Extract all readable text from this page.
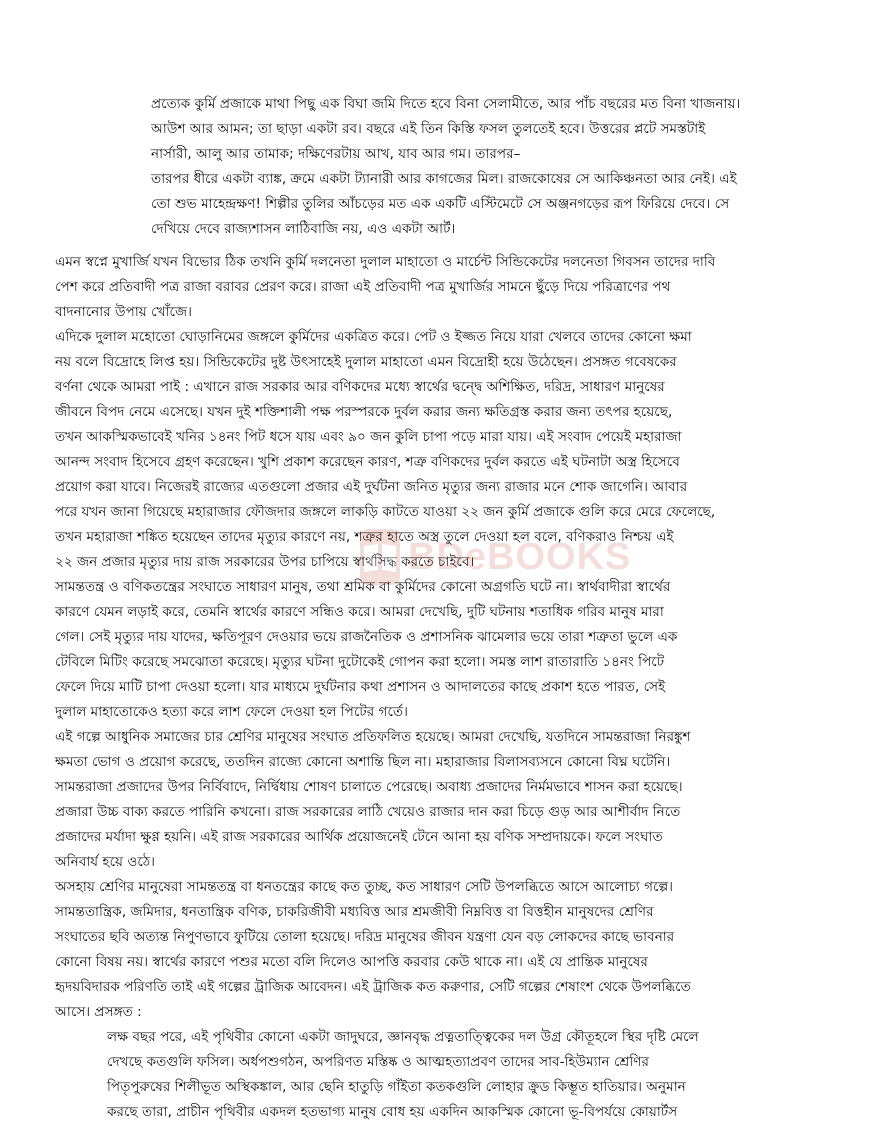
প্রত্যেক কুর্মি প্রজাকে মাথা পিছু এক বিঘা জমি দিতে হবে বিনা সেলামীতে, আর পাঁচ বছরের মত বিনা খাজনায়।
আউশ আর আমন; তা ছাড়া একটা রব। বছরে এই তিন কিস্তি ফসল তুলতেই হবে। উত্তরের প্লটে সমস্তটাই
নার্সারী, আলু আর তামাক; দক্ষিণেরটায় আখ, যাব আর গম। তারপর–
তারপর ধীরে একটা ব্যাঙ্ক, ক্রমে একটা ট্যানারী আর কাগজের মিল। রাজকোষের সে আকিঞ্চনতা আর নেই। এই
তো শুভ মাহেন্দ্রক্ষণ! শিল্পীর তুলির আঁচড়ের মত এক একটি এস্টিমেটে সে অঞ্জনগড়ের রূপ ফিরিয়ে দেবে। সে
দেখিয়ে দেবে রাজ্যশাসন লাঠিবাজি নয়, এও একটা আর্ট।
এমন স্বপ্নে মুখার্জি যখন বিভোর ঠিক তখনি কুর্মি দলনেতা দুলাল মাহাতো ও মার্চেন্ট সিন্ডিকেটের দলনেতা গিবসন তাদের দাবি
পেশ করে প্রতিবাদী পত্র রাজা বরাবর প্রেরণ করে। রাজা এই প্রতিবাদী পত্র মুখার্জির সামনে ছুঁড়ে দিয়ে পরিত্রাণের পথ
বাদনানোর উপায় খোঁজে।
এদিকে দুলাল মহোতো ঘোড়ানিমের জঙ্গলে কুর্মিদের একত্রিত করে। পেট ও ইজ্জত নিয়ে যারা খেলবে তাদের কোনো ক্ষমা
নয় বলে বিদ্রোহে লিপ্ত হয়। সিন্ডিকেটের দুষ্ট উৎসাহেই দুলাল মাহাতো এমন বিদ্রোহী হয়ে উঠেছেন। প্রসঙ্গত গবেষকের
বর্ণনা থেকে আমরা পাই : এখানে রাজ সরকার আর বণিকদের মধ্যে স্বার্থের দ্বন্দ্বে অশিক্ষিত, দরিদ্র, সাধারণ মানুষের
জীবনে বিপদ নেমে এসেছে। যখন দুই শক্তিশালী পক্ষ পরস্পরকে দুর্বল করার জন্য ক্ষতিগ্রস্ত করার জন্য তৎপর হয়েছে,
তখন আকস্মিকভাবেই খনির ১৪নং পিট ধসে যায় এবং ৯০ জন কুলি চাপা পড়ে মারা যায়। এই সংবাদ পেয়েই মহারাজা
আনন্দ সংবাদ হিসেবে গ্রহণ করেছেন। খুশি প্রকাশ করেছেন কারণ, শত্রু বণিকদের দুর্বল করতে এই ঘটনাটা অস্ত্র হিসেবে
প্রয়োগ করা যাবে। নিজেরই রাজ্যের এতগুলো প্রজার এই দুর্ঘটনা জনিত মৃত্যুর জন্য রাজার মনে শোক জাগেনি। আবার
পরে যখন জানা গিয়েছে মহারাজার ফৌজদার জঙ্গলে লাকড়ি কাটতে যাওয়া ২২ জন কুর্মি প্রজাকে গুলি করে মেরে ফেলেছে,
তখন মহারাজা শঙ্কিত হয়েছেন তাদের মৃত্যুর কারণে নয়, শত্রুর হাতে অস্ত্র তুলে দেওয়া হল বলে, বণিকরাও নিশ্চয় এই
২২ জন প্রজার মৃত্যুর দায় রাজ সরকারের উপর চাপিয়ে স্বার্থসিদ্ধ করতে চাইবে।
সামন্ততন্ত্র ও বণিকতন্ত্রের সংঘাতে সাধারণ মানুষ, তথা শ্রমিক বা কুর্মিদের কোনো অগ্রগতি ঘটে না। স্বার্থবাদীরা স্বার্থের
কারণে যেমন লড়াই করে, তেমনি স্বার্থের কারণে সন্ধিও করে। আমরা দেখেছি, দুটি ঘটনায় শতাধিক গরিব মানুষ মারা
গেল। সেই মৃত্যুর দায় যাদের, ক্ষতিপূরণ দেওয়ার ভয়ে রাজনৈতিক ও প্রশাসনিক ঝামেলার ভয়ে তারা শত্রুতা ভুলে এক
টেবিলে মিটিং করেছে সমঝোতা করেছে। মৃত্যুর ঘটনা দুটোকেই গোপন করা হলো। সমস্ত লাশ রাতারাতি ১৪নং পিটে
ফেলে দিয়ে মাটি চাপা দেওয়া হলো। যার মাধ্যমে দুর্ঘটনার কথা প্রশাসন ও আদালতের কাছে প্রকাশ হতে পারত, সেই
দুলাল মাহাতোকেও হত্যা করে লাশ ফেলে দেওয়া হল পিটের গর্তে।
এই গল্পে আধুনিক সমাজের চার শ্রেণির মানুষের সংঘাত প্রতিফলিত হয়েছে। আমরা দেখেছি, যতদিনে সামন্তরাজা নিরঙ্কুশ
ক্ষমতা ভোগ ও প্রয়োগ করেছে, ততদিন রাজ্যে কোনো অশান্তি ছিল না। মহারাজার বিলাসব্যসনে কোনো বিঘ্ন ঘটেনি।
সামন্তরাজা প্রজাদের উপর নির্বিবাদে, নির্দ্বিধায় শোষণ চালাতে পেরেছে। অবাধ্য প্রজাদের নির্মমভাবে শাসন করা হয়েছে।
প্রজারা উচ্চ বাক্য করতে পারিনি কখনো। রাজ সরকারের লাঠি খেয়েও রাজার দান করা চিড়ে গুড় আর আশীর্বাদ নিতে
প্রজাদের মর্যাদা ক্ষুণ্ণ হয়নি। এই রাজ সরকারের আর্থিক প্রয়োজনেই টেনে আনা হয় বণিক সম্প্রদায়কে। ফলে সংঘাত
অনিবার্য হয়ে ওঠে।
অসহায় শ্রেণির মানুষেরা সামন্ততন্ত্র বা ধনতন্ত্রের কাছে কত তুচ্ছ, কত সাধারণ সেটি উপলব্ধিতে আসে আলোচ্য গল্পে।
সামন্ততান্ত্রিক, জমিদার, ধনতান্ত্রিক বণিক, চাকরিজীবী মধ্যবিত্ত আর শ্রমজীবী নিম্নবিত্ত বা বিত্তহীন মানুষদের শ্রেণির
সংঘাতের ছবি অত্যন্ত নিপুণভাবে ফুটিয়ে তোলা হয়েছে। দরিদ্র মানুষের জীবন যন্ত্রণা যেন বড় লোকদের কাছে ভাবনার
কোনো বিষয় নয়। স্বার্থের কারণে পশুর মতো বলি দিলেও আপত্তি করবার কেউ থাকে না। এই যে প্রান্তিক মানুষের
হৃদয়বিদারক পরিণতি তাই এই গল্পের ট্রাজিক আবেদন। এই ট্রাজিক কত করুণার, সেটি গল্পের শেষাংশ থেকে উপলব্ধিতে
আসে। প্রসঙ্গত :
লক্ষ বছর পরে, এই পৃথিবীর কোনো একটা জাদুঘরে, জ্ঞানবৃদ্ধ প্রত্নতাত্ত্বিকের দল উগ্র কৌতূহলে স্থির দৃষ্টি মেলে
দেখছে কতগুলি ফসিল। অর্ধপশুগঠন, অপরিণত মস্তিষ্ক ও আত্মহত্যাপ্রবণ তাদের সাব-হিউম্যান শ্রেণির
পিতৃপুরুষের শিলীভূত অস্থিকঙ্কাল, আর ছেনি হাতুড়ি গাঁইতা কতকগুলি লোহার ক্রুড কিম্ভূত হাতিয়ার। অনুমান
করছে তারা, প্রাচীন পৃথিবীর একদল হতভাগ্য মানুষ বোধ হয় একদিন আকস্মিক কোনো ভূ-বিপর্যয়ে কোয়ার্টস
BDeBOOKS
